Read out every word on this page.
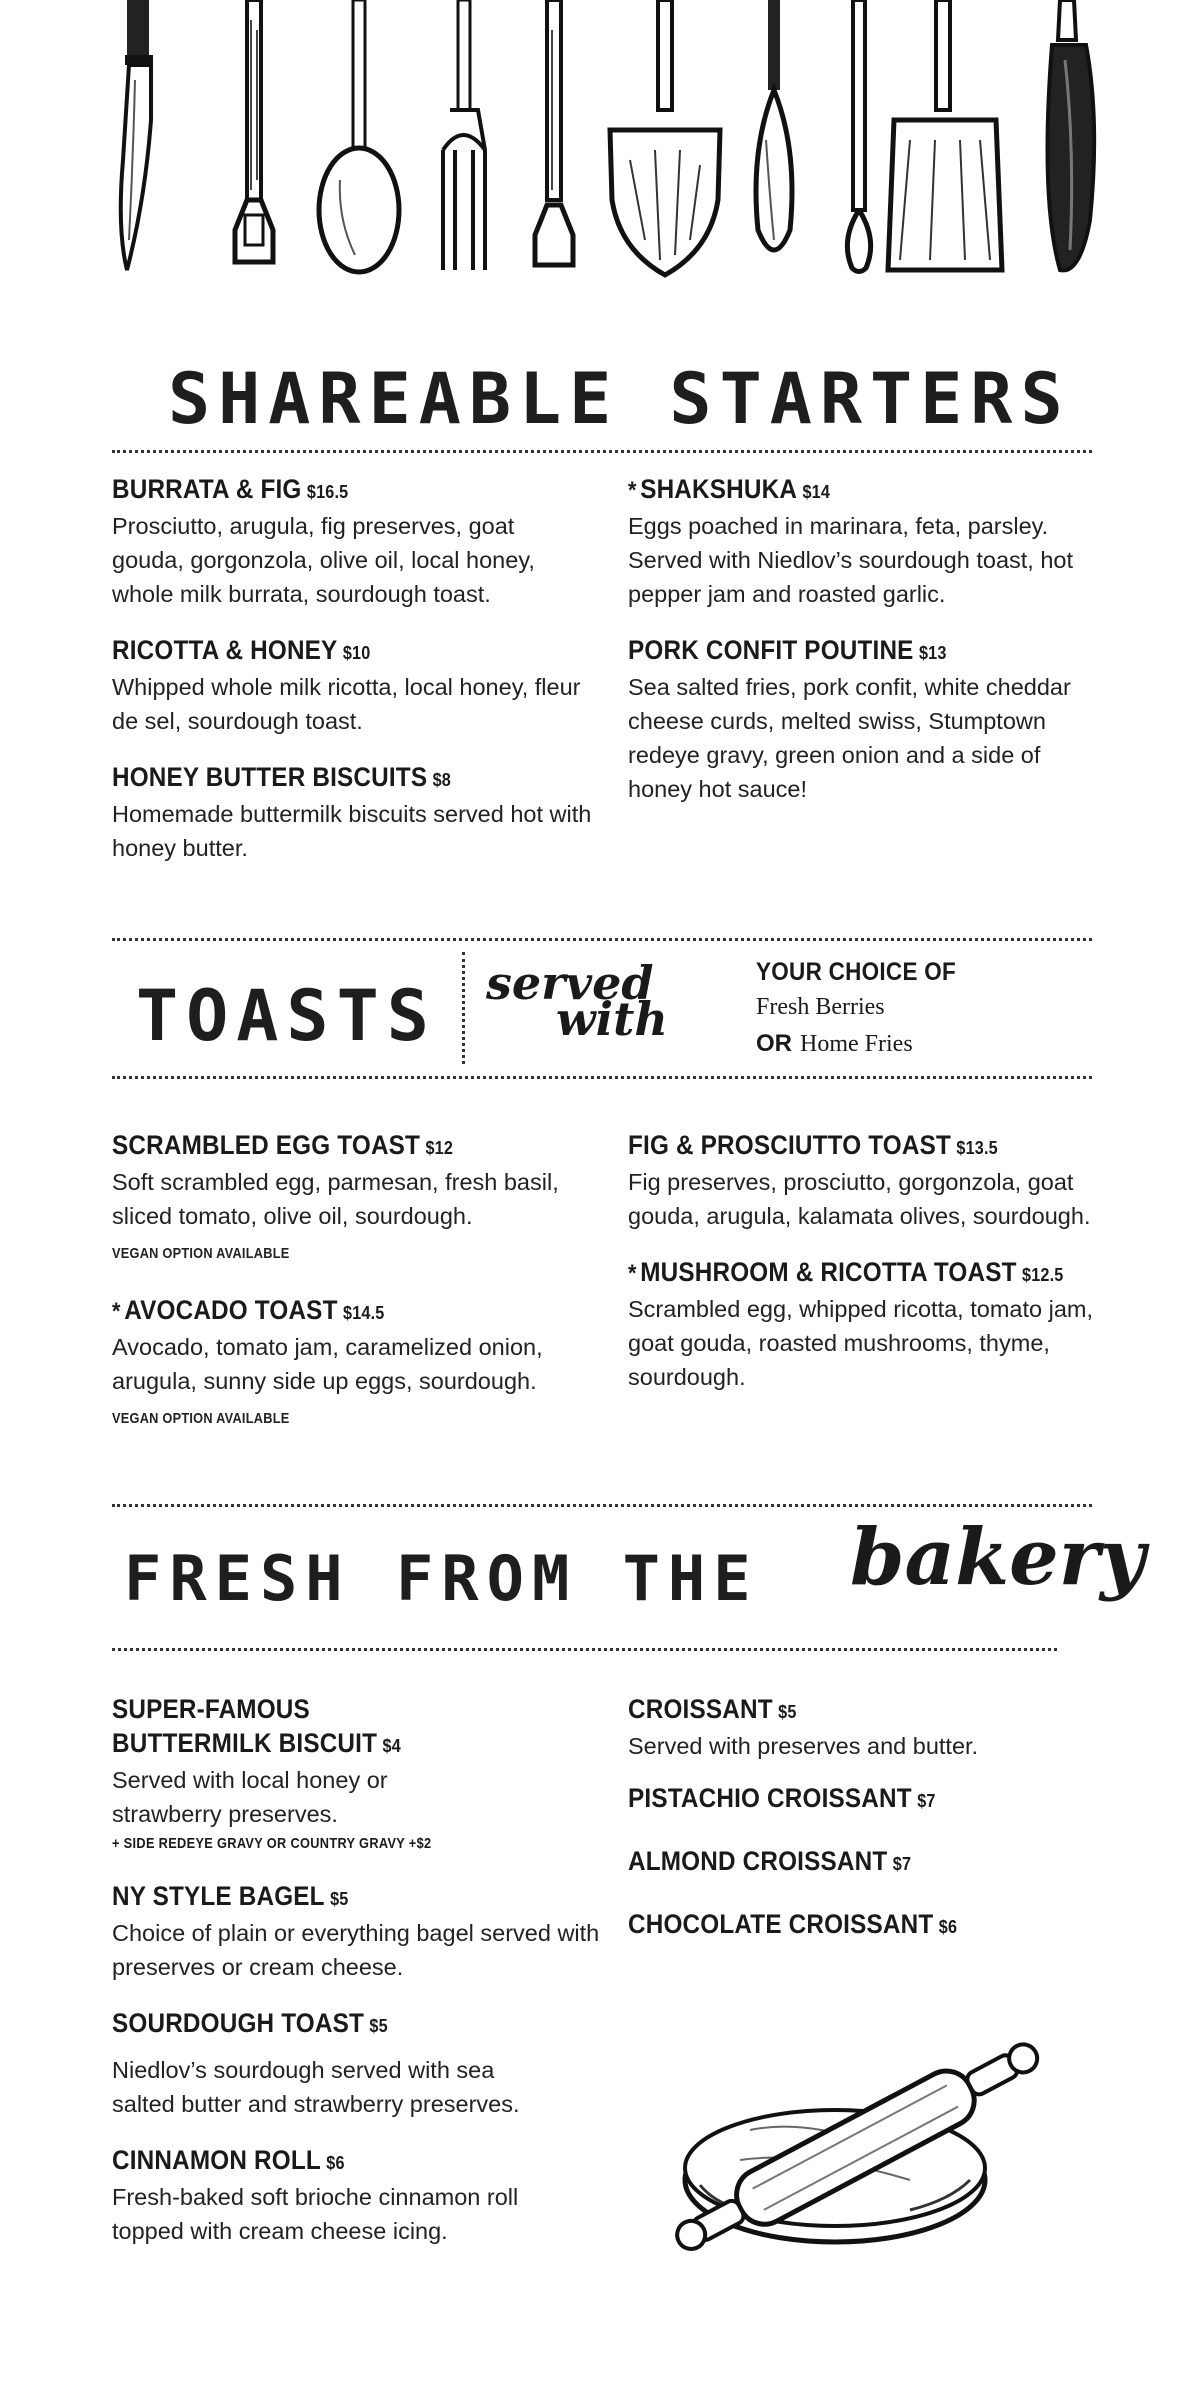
SHAREABLE STARTERS
BURRATA & FIG $16.5
Prosciutto, arugula, fig preserves, goat gouda, gorgonzola, olive oil, local honey, whole milk burrata, sourdough toast.
RICOTTA & HONEY $10
Whipped whole milk ricotta, local honey, fleur de sel, sourdough toast.
HONEY BUTTER BISCUITS $8
Homemade buttermilk biscuits served hot with honey butter.
* SHAKSHUKA $14
Eggs poached in marinara, feta, parsley. Served with Niedlov’s sourdough toast, hot pepper jam and roasted garlic.
PORK CONFIT POUTINE $13
Sea salted fries, pork confit, white cheddar cheese curds, melted swiss, Stumptown redeye gravy, green onion and a side of honey hot sauce!
TOASTS served
with
YOUR CHOICE OF
Fresh Berries
OR Home Fries
SCRAMBLED EGG TOAST $12
Soft scrambled egg, parmesan, fresh basil, sliced tomato, olive oil, sourdough. VEGAN OPTION AVAILABLE
* AVOCADO TOAST $14.5
Avocado, tomato jam, caramelized onion, arugula, sunny side up eggs, sourdough. VEGAN OPTION AVAILABLE
FIG & PROSCIUTTO TOAST $13.5
Fig preserves, prosciutto, gorgonzola, goat gouda, arugula, kalamata olives, sourdough.
* MUSHROOM & RICOTTA TOAST $12.5
Scrambled egg, whipped ricotta, tomato jam, goat gouda, roasted mushrooms, thyme, sourdough.
FRESH FROM THE bakery
SUPER-FAMOUS
BUTTERMILK BISCUIT $4
Served with local honey or strawberry preserves.
+ SIDE REDEYE GRAVY OR COUNTRY GRAVY +$2
NY STYLE BAGEL $5
Choice of plain or everything bagel served with preserves or cream cheese.
SOURDOUGH TOAST $5
Niedlov’s sourdough served with sea salted butter and strawberry preserves.
CINNAMON ROLL $6
Fresh-baked soft brioche cinnamon roll topped with cream cheese icing.
CROISSANT $5
Served with preserves and butter.
PISTACHIO CROISSANT $7
ALMOND CROISSANT $7
CHOCOLATE CROISSANT $6
